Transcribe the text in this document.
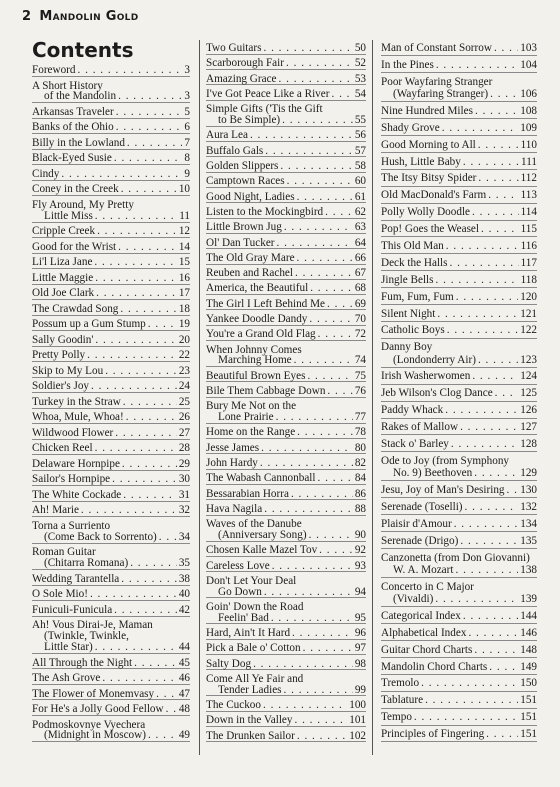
2 Mandolin Gold
Contents
Foreword . . .	3
A Short History
of the Mandolin . . .	3
Arkansas Traveler . . .	5
Banks of the Ohio . . .	6
Billy in the Lowland . . .	7
Black-Eyed Susie . . .	8
Cindy . . .	9
Coney in the Creek . . .	10
Fly Around, My Pretty
Little Miss . . .	11
Cripple Creek . . .	12
Good for the Wrist . . .	14
Li'l Liza Jane . . .	15
Little Maggie . . .	16
Old Joe Clark . . .	17
The Crawdad Song . . .	18
Possum up a Gum Stump . . .	19
Sally Goodin' . . .	20
Pretty Polly . . .	22
Skip to My Lou . . .	23
Soldier's Joy . . .	24
Turkey in the Straw . . .	25
Whoa, Mule, Whoa! . . .	26
Wildwood Flower . . .	27
Chicken Reel . . .	28
Delaware Hornpipe . . .	29
Sailor's Hornpipe . . .	30
The White Cockade . . .	31
Ah! Marie . . .	32
Torna a Surriento
(Come Back to Sorrento) . . . 34
Roman Guitar
(Chitarra Romana) . . .	35
Wedding Tarantella . . .	38
O Sole Mio! . . .	40
Funiculi-Funicula . . .	42
Ah! Vous Dirai-Je, Maman
(Twinkle, Twinkle,
Little Star) . . .	44
All Through the Night . . .	45
The Ash Grove . . .	46
The Flower of Monemvasy . . . 47
For He's a Jolly Good Fellow . . . 48
Podmoskovnye Vyechera
(Midnight in Moscow) . . .	49
Two Guitars . . .	50
Scarborough Fair . . .	52
Amazing Grace . . .	53
I've Got Peace Like a River . . . 54
Simple Gifts ('Tis the Gift
to Be Simple) . . .	55
Aura Lea . . .	56
Buffalo Gals . . .	57
Golden Slippers . . .	58
Camptown Races . . .	60
Good Night, Ladies . . .	61
Listen to the Mockingbird . . .	62
Little Brown Jug . . .	63
Ol' Dan Tucker . . .	64
The Old Gray Mare . . .	66
Reuben and Rachel . . .	67
America, the Beautiful . . .	68
The Girl I Left Behind Me . . .	69
Yankee Doodle Dandy . . .	70
You're a Grand Old Flag . . .	72
When Johnny Comes
Marching Home . . .	74
Beautiful Brown Eyes . . .	75
Bile Them Cabbage Down . . .	76
Bury Me Not on the
Lone Prairie . . .	77
Home on the Range . . .	78
Jesse James . . .	80
John Hardy . . .	82
The Wabash Cannonball . . .	84
Bessarabian Horra . . .	86
Hava Nagila . . .	88
Waves of the Danube
(Anniversary Song) . . .	90
Chosen Kalle Mazel Tov . . .	92
Careless Love . . .	93
Don't Let Your Deal
Go Down . . .	94
Goin' Down the Road
Feelin' Bad . . .	95
Hard, Ain't It Hard . . .	96
Pick a Bale o' Cotton . . .	97
Salty Dog . . .	98
Come All Ye Fair and
Tender Ladies . . .	99
The Cuckoo . . .	100
Down in the Valley . . .	101
The Drunken Sailor . . .	102
Man of Constant Sorrow . . .	103
In the Pines . . .	104
Poor Wayfaring Stranger
(Wayfaring Stranger) . . .	106
Nine Hundred Miles . . .	108
Shady Grove . . .	109
Good Morning to All . . .	110
Hush, Little Baby . . .	111
The Itsy Bitsy Spider . . .	112
Old MacDonald's Farm . . .	113
Polly Wolly Doodle . . .	114
Pop! Goes the Weasel . . .	115
This Old Man . . .	116
Deck the Halls . . .	117
Jingle Bells . . .	118
Fum, Fum, Fum . . .	120
Silent Night . . .	121
Catholic Boys . . .	122
Danny Boy
(Londonderry Air) . . .	123
Irish Washerwomen . . .	124
Jeb Wilson's Clog Dance . . . 125
Paddy Whack . . .	126
Rakes of Mallow . . .	127
Stack o' Barley . . .	128
Ode to Joy (from Symphony
No. 9) Beethoven . . .	129
Jesu, Joy of Man's Desiring . . . 130
Serenade (Toselli) . . .	132
Plaisir d'Amour . . .	134
Serenade (Drigo) . . .	135
Canzonetta (from Don Giovanni)
W. A. Mozart . . .	138
Concerto in C Major
(Vivaldi) . . .	139
Categorical Index . . .	144
Alphabetical Index . . .	146
Guitar Chord Charts . . .	148
Mandolin Chord Charts . . .	149
Tremolo . . .	150
Tablature . . .	151
Tempo . . .	151
Principles of Fingering . . .	151
